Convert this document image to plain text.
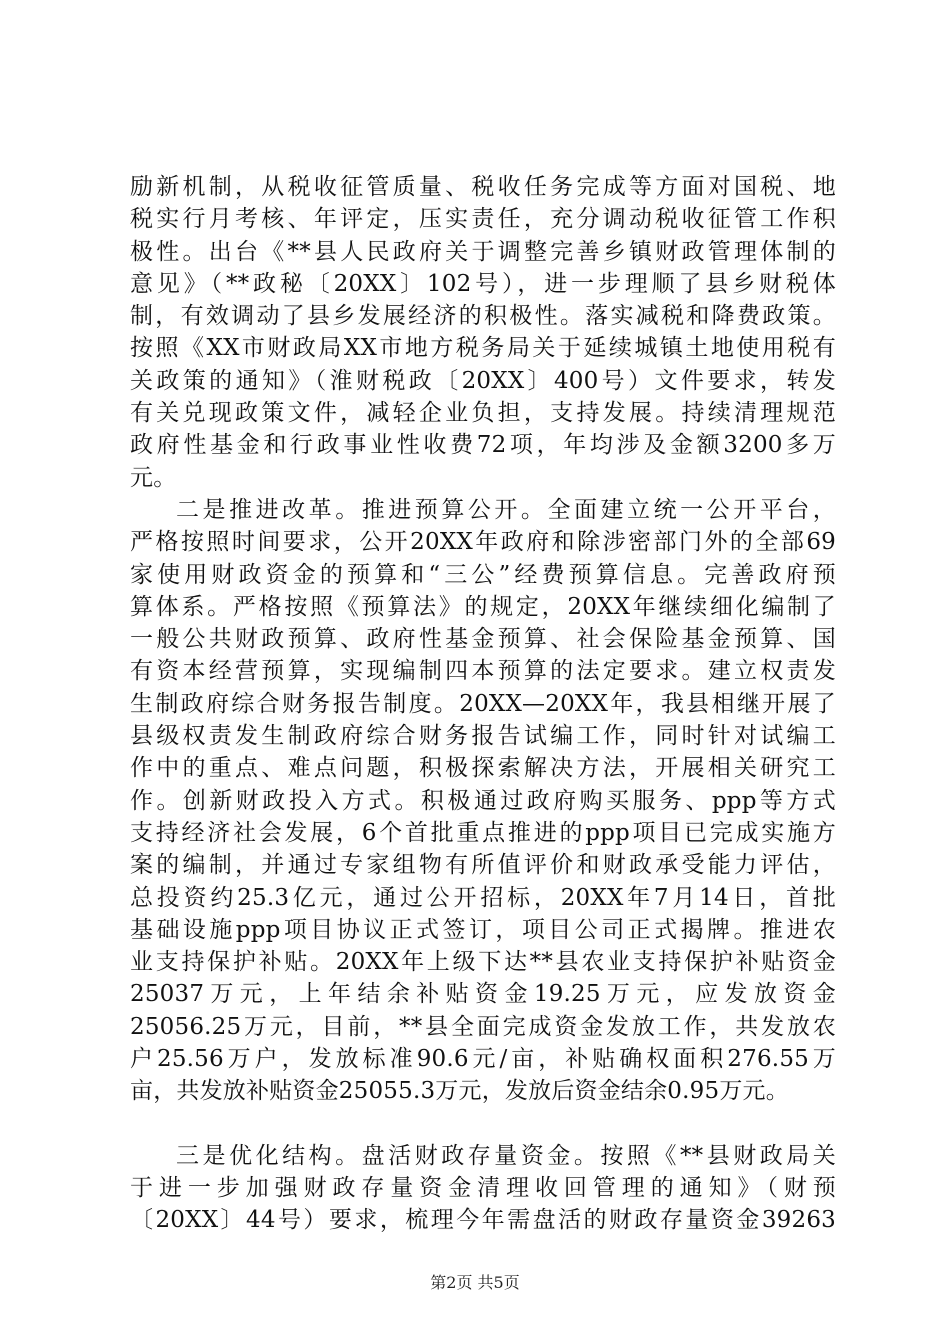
励新机制，从税收征管质量、税收任务完成等方面对国税、地
税实行月考核、年评定，压实责任，充分调动税收征管工作积
极性。出台《**县人民政府关于调整完善乡镇财政管理体制的
意见》（**政秘〔20XX〕102号），进一步理顺了县乡财税体
制，有效调动了县乡发展经济的积极性。落实减税和降费政策。
按照《XX市财政局XX市地方税务局关于延续城镇土地使用税有
关政策的通知》（淮财税政〔20XX〕400号）文件要求，转发
有关兑现政策文件，减轻企业负担，支持发展。持续清理规范
政府性基金和行政事业性收费72项，年均涉及金额3200多万
元。
二是推进改革。推进预算公开。全面建立统一公开平台，
严格按照时间要求，公开20XX年政府和除涉密部门外的全部69
家使用财政资金的预算和“三公”经费预算信息。完善政府预
算体系。严格按照《预算法》的规定，20XX年继续细化编制了
一般公共财政预算、政府性基金预算、社会保险基金预算、国
有资本经营预算，实现编制四本预算的法定要求。建立权责发
生制政府综合财务报告制度。20XX—20XX年，我县相继开展了
县级权责发生制政府综合财务报告试编工作，同时针对试编工
作中的重点、难点问题，积极探索解决方法，开展相关研究工
作。创新财政投入方式。积极通过政府购买服务、ppp等方式
支持经济社会发展，6个首批重点推进的ppp项目已完成实施方
案的编制，并通过专家组物有所值评价和财政承受能力评估，
总投资约25.3亿元，通过公开招标，20XX年7月14日，首批
基础设施ppp项目协议正式签订，项目公司正式揭牌。推进农
业支持保护补贴。20XX年上级下达**县农业支持保护补贴资金
25037万元，上年结余补贴资金19.25万元，应发放资金
25056.25万元，目前，**县全面完成资金发放工作，共发放农
户25.56万户，发放标准90.6元/亩，补贴确权面积276.55万
亩，共发放补贴资金25055.3万元，发放后资金结余0.95万元。
三是优化结构。盘活财政存量资金。按照《**县财政局关
于进一步加强财政存量资金清理收回管理的通知》（财预
〔20XX〕44号）要求，梳理今年需盘活的财政存量资金39263
第2页 共5页
